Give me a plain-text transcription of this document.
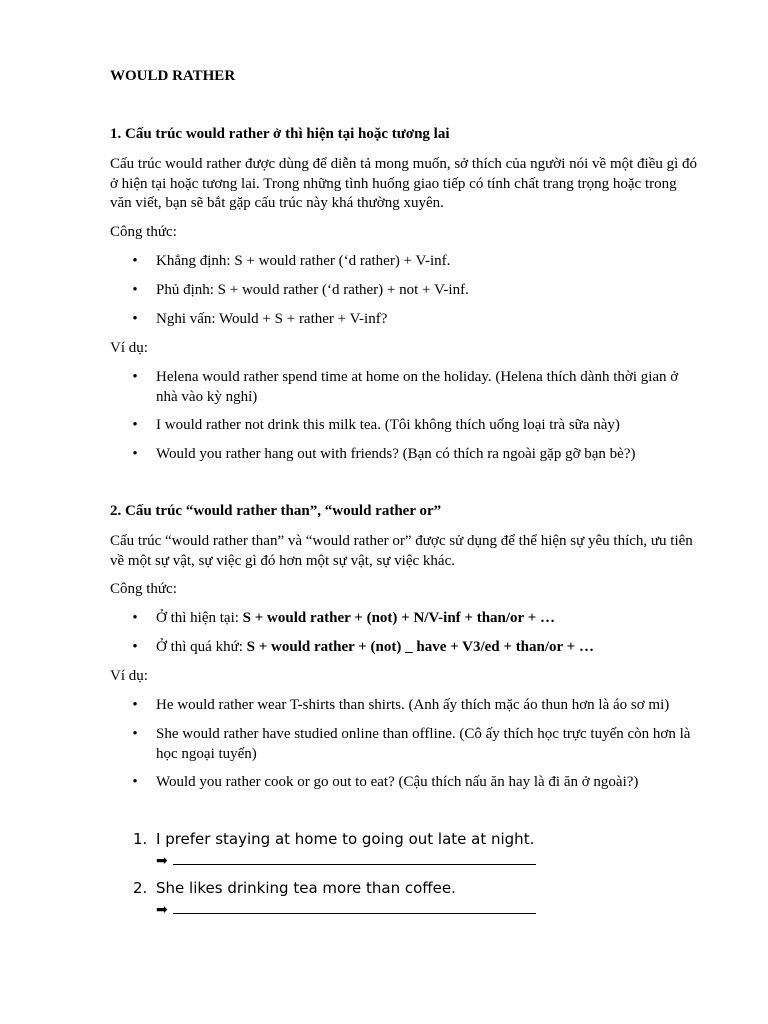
WOULD RATHER
1. Cấu trúc would rather ở thì hiện tại hoặc tương lai
Cấu trúc would rather được dùng để diễn tả mong muốn, sở thích của người nói về một điều gì đó ở hiện tại hoặc tương lai. Trong những tình huống giao tiếp có tính chất trang trọng hoặc trong văn viết, bạn sẽ bắt gặp cấu trúc này khá thường xuyên.
Công thức:
• Khẳng định: S + would rather (‘d rather) + V-inf.
• Phủ định: S + would rather (‘d rather) + not + V-inf.
• Nghi vấn: Would + S + rather + V-inf?
Ví dụ:
• Helena would rather spend time at home on the holiday. (Helena thích dành thời gian ở nhà vào kỳ nghỉ)
• I would rather not drink this milk tea. (Tôi không thích uống loại trà sữa này)
• Would you rather hang out with friends? (Bạn có thích ra ngoài gặp gỡ bạn bè?)
2. Cấu trúc “would rather than”, “would rather or”
Cấu trúc “would rather than” và “would rather or” được sử dụng để thể hiện sự yêu thích, ưu tiên về một sự vật, sự việc gì đó hơn một sự vật, sự việc khác.
Công thức:
• Ở thì hiện tại: S + would rather + (not) + N/V-inf + than/or + …
• Ở thì quá khứ: S + would rather + (not) _ have + V3/ed + than/or + …
Ví dụ:
• He would rather wear T-shirts than shirts. (Anh ấy thích mặc áo thun hơn là áo sơ mi)
• She would rather have studied online than offline. (Cô ấy thích học trực tuyến còn hơn là học ngoại tuyến)
• Would you rather cook or go out to eat? (Cậu thích nấu ăn hay là đi ăn ở ngoài?)
1. I prefer staying at home to going out late at night.
➡
2. She likes drinking tea more than coffee.
➡
